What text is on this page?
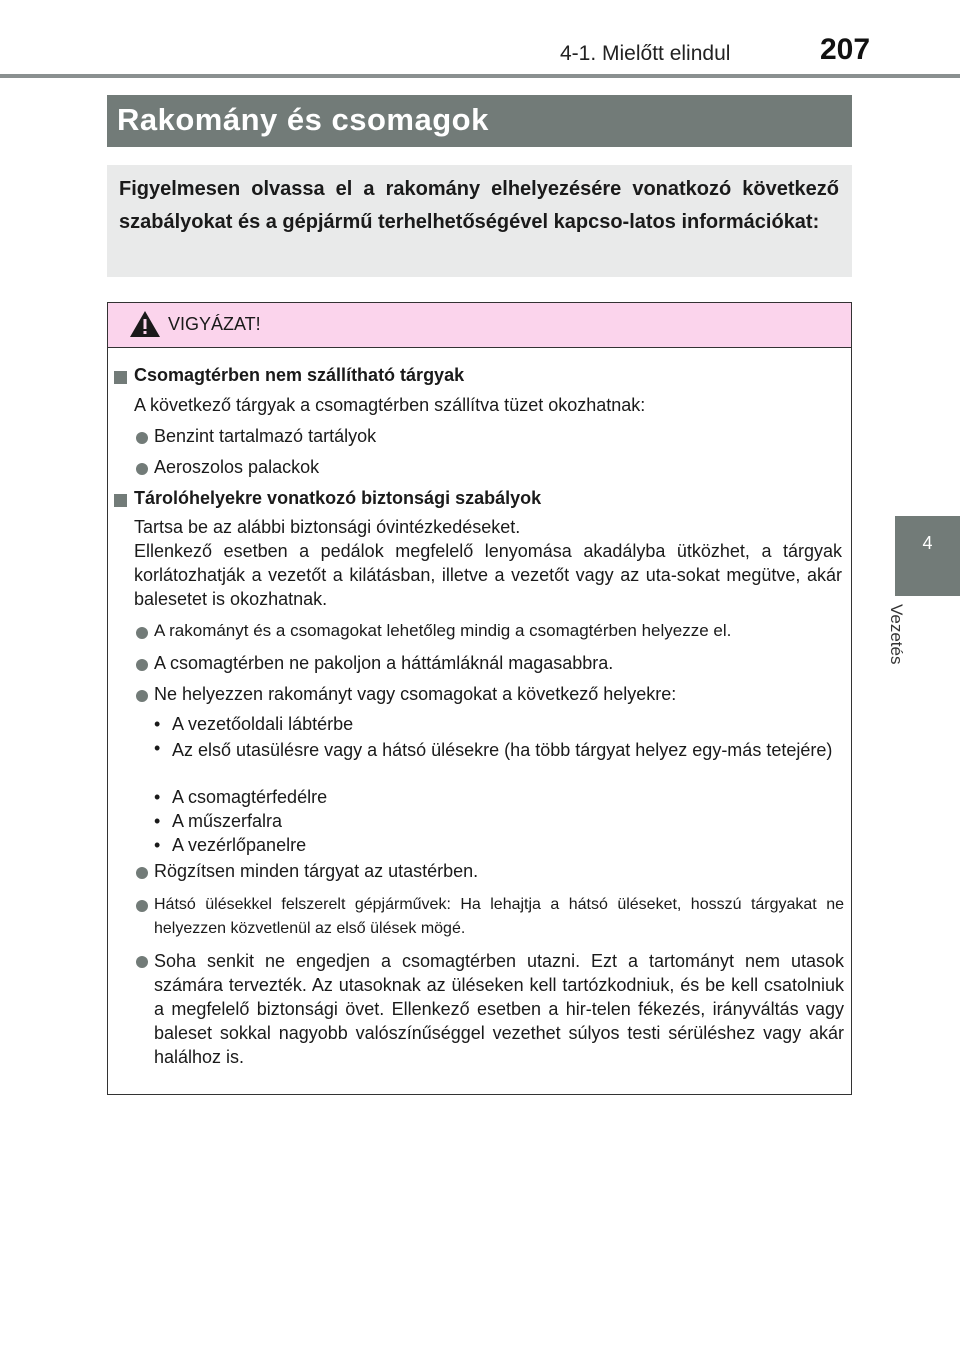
4-1. Mielőtt elindul	207
4
Vezetés
Rakomány és csomagok

Figyelmesen olvassa el a rakomány elhelyezésére vonatkozó következő szabályokat és a gépjármű terhelhetőségével kapcso-latos információkat:

VIGYÁZAT!
Csomagtérben nem szállítható tárgyak
A következő tárgyak a csomagtérben szállítva tüzet okozhatnak:
Benzint tartalmazó tartályok
Aeroszolos palackok
Tárolóhelyekre vonatkozó biztonsági szabályok
Tartsa be az alábbi biztonsági óvintézkedéseket.
Ellenkező esetben a pedálok megfelelő lenyomása akadályba ütközhet, a tárgyak korlátozhatják a vezetőt a kilátásban, illetve a vezetőt vagy az uta-sokat megütve, akár balesetet is okozhatnak.
A rakományt és a csomagokat lehetőleg mindig a csomagtérben helyezze el.
A csomagtérben ne pakoljon a háttámláknál magasabbra.
Ne helyezzen rakományt vagy csomagokat a következő helyekre:
• A vezetőoldali lábtérbe
• Az első utasülésre vagy a hátsó ülésekre (ha több tárgyat helyez egy-más tetejére)
• A csomagtérfedélre
• A műszerfalra
• A vezérlőpanelre
Rögzítsen minden tárgyat az utastérben.
Hátsó ülésekkel felszerelt gépjárművek: Ha lehajtja a hátsó üléseket, hosszú tárgyakat ne helyezzen közvetlenül az első ülések mögé.
Soha senkit ne engedjen a csomagtérben utazni. Ezt a tartományt nem utasok számára tervezték. Az utasoknak az üléseken kell tartózkodniuk, és be kell csatolniuk a megfelelő biztonsági övet. Ellenkező esetben a hir-telen fékezés, irányváltás vagy baleset sokkal nagyobb valószínűséggel vezethet súlyos testi sérüléshez vagy akár halálhoz is.
